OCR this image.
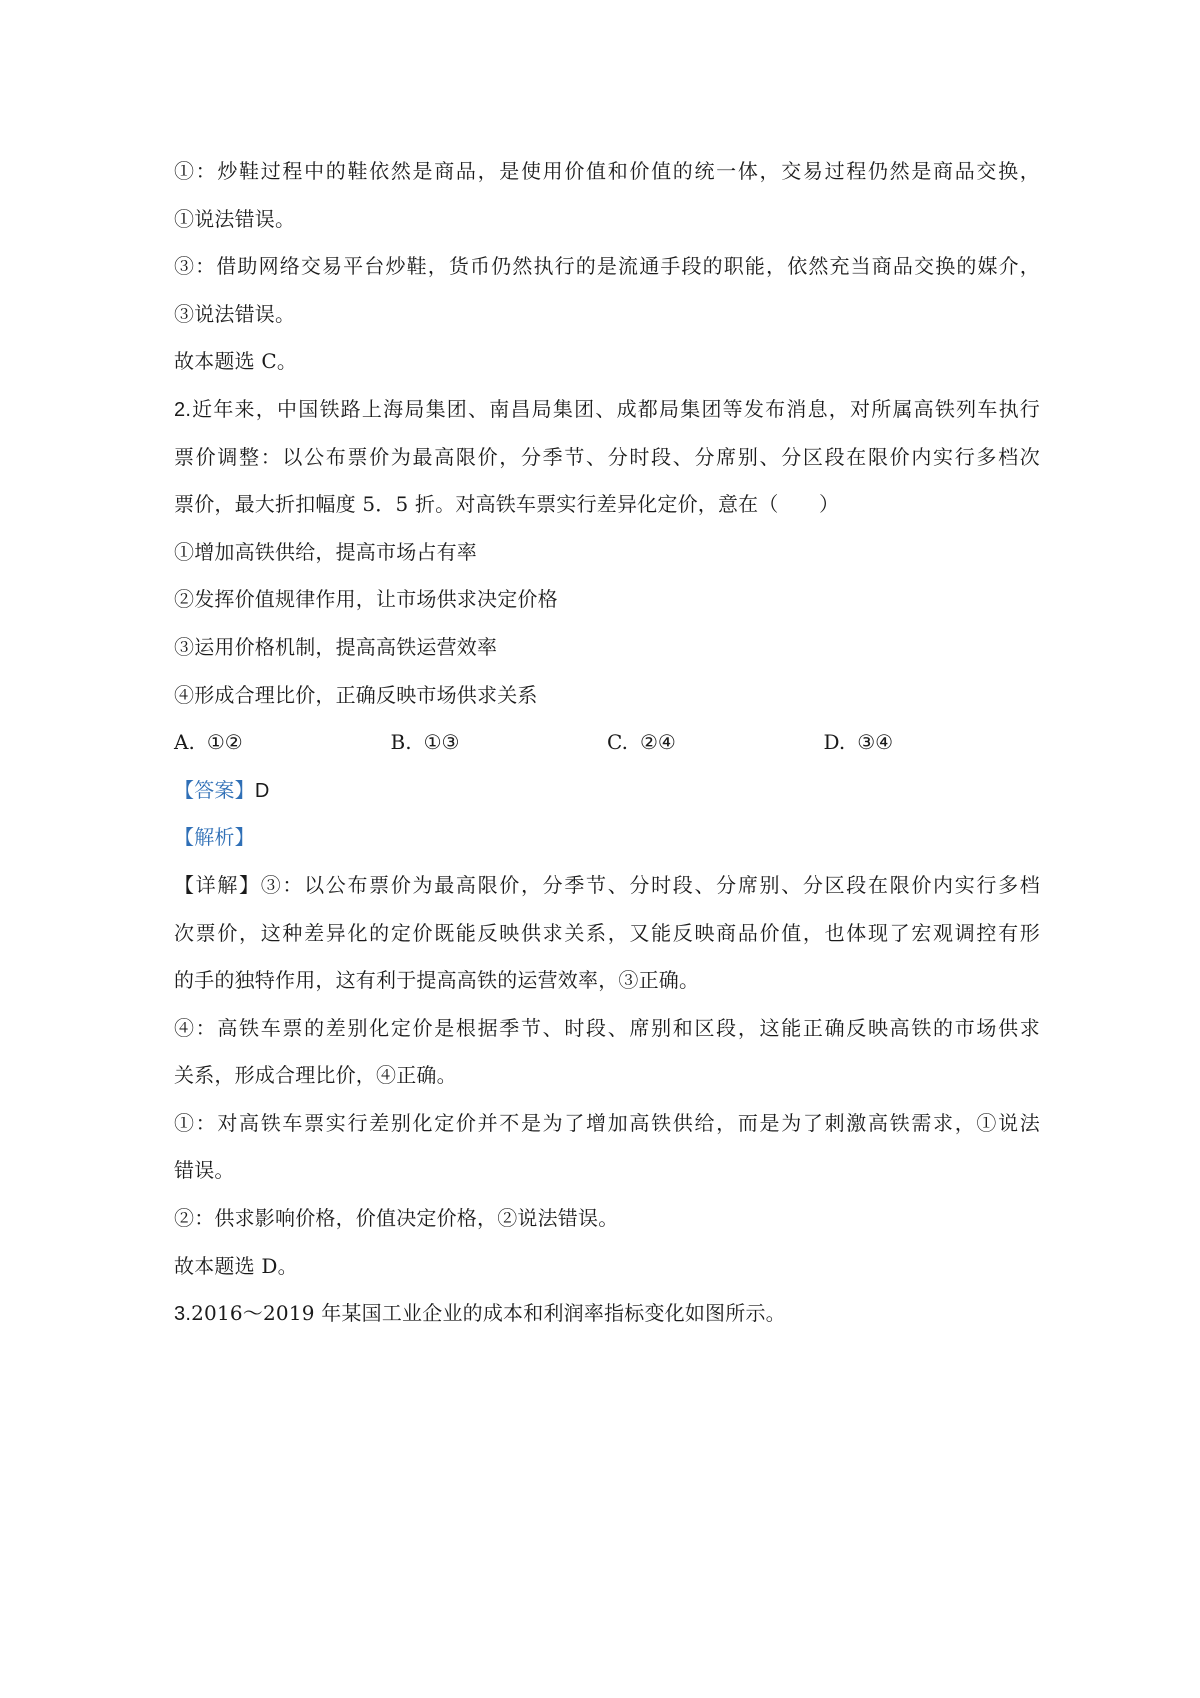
①：炒鞋过程中的鞋依然是商品，是使用价值和价值的统一体，交易过程仍然是商品交换，
①说法错误。
③：借助网络交易平台炒鞋，货币仍然执行的是流通手段的职能，依然充当商品交换的媒介，
③说法错误。
故本题选 C。
2.近年来，中国铁路上海局集团、南昌局集团、成都局集团等发布消息，对所属高铁列车执行
票价调整：以公布票价为最高限价，分季节、分时段、分席别、分区段在限价内实行多档次
票价，最大折扣幅度 5．5 折。对高铁车票实行差异化定价，意在（　　）
①增加高铁供给，提高市场占有率
②发挥价值规律作用，让市场供求决定价格
③运用价格机制，提高高铁运营效率
④形成合理比价，正确反映市场供求关系
A. ①②	B. ①③	C. ②④	D. ③④
【答案】D
【解析】
【详解】③：以公布票价为最高限价，分季节、分时段、分席别、分区段在限价内实行多档
次票价，这种差异化的定价既能反映供求关系，又能反映商品价值，也体现了宏观调控有形
的手的独特作用，这有利于提高高铁的运营效率，③正确。
④：高铁车票的差别化定价是根据季节、时段、席别和区段，这能正确反映高铁的市场供求
关系，形成合理比价，④正确。
①：对高铁车票实行差别化定价并不是为了增加高铁供给，而是为了刺激高铁需求，①说法
错误。
②：供求影响价格，价值决定价格，②说法错误。
故本题选 D。
3.2016～2019 年某国工业企业的成本和利润率指标变化如图所示。
